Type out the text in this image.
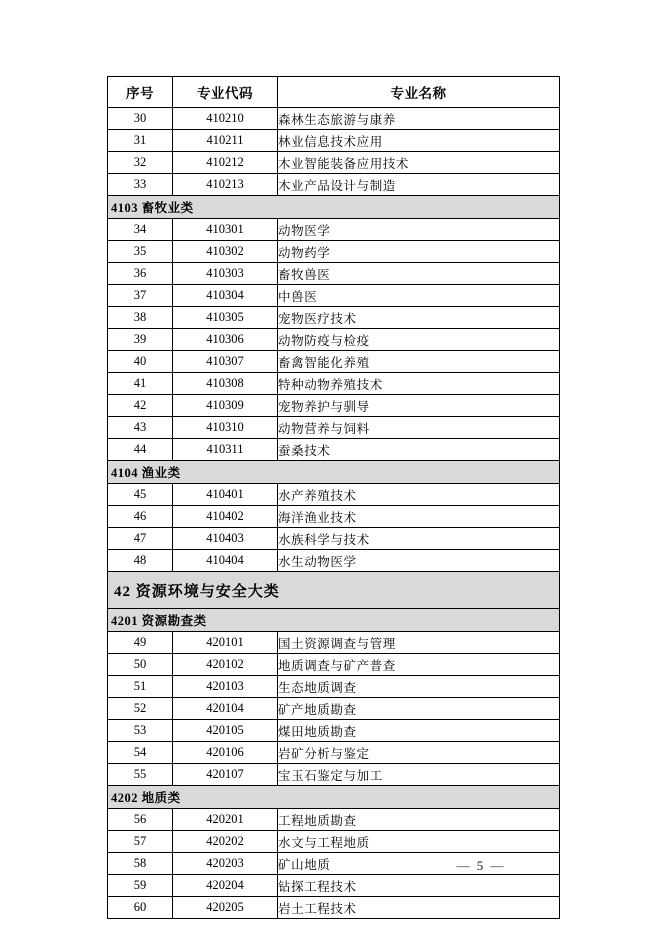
序号	专业代码	专业名称
30	410210	森林生态旅游与康养
31	410211	林业信息技术应用
32	410212	木业智能装备应用技术
33	410213	木业产品设计与制造
4103 畜牧业类		
34	410301	动物医学
35	410302	动物药学
36	410303	畜牧兽医
37	410304	中兽医
38	410305	宠物医疗技术
39	410306	动物防疫与检疫
40	410307	畜禽智能化养殖
41	410308	特种动物养殖技术
42	410309	宠物养护与驯导
43	410310	动物营养与饲料
44	410311	蚕桑技术
4104 渔业类		
45	410401	水产养殖技术
46	410402	海洋渔业技术
47	410403	水族科学与技术
48	410404	水生动物医学
42 资源环境与安全大类		
4201 资源勘查类		
49	420101	国土资源调查与管理
50	420102	地质调查与矿产普查
51	420103	生态地质调查
52	420104	矿产地质勘查
53	420105	煤田地质勘查
54	420106	岩矿分析与鉴定
55	420107	宝玉石鉴定与加工
4202 地质类		
56	420201	工程地质勘查
57	420202	水文与工程地质
58	420203	矿山地质
59	420204	钻探工程技术
60	420205	岩土工程技术
— 5 —
